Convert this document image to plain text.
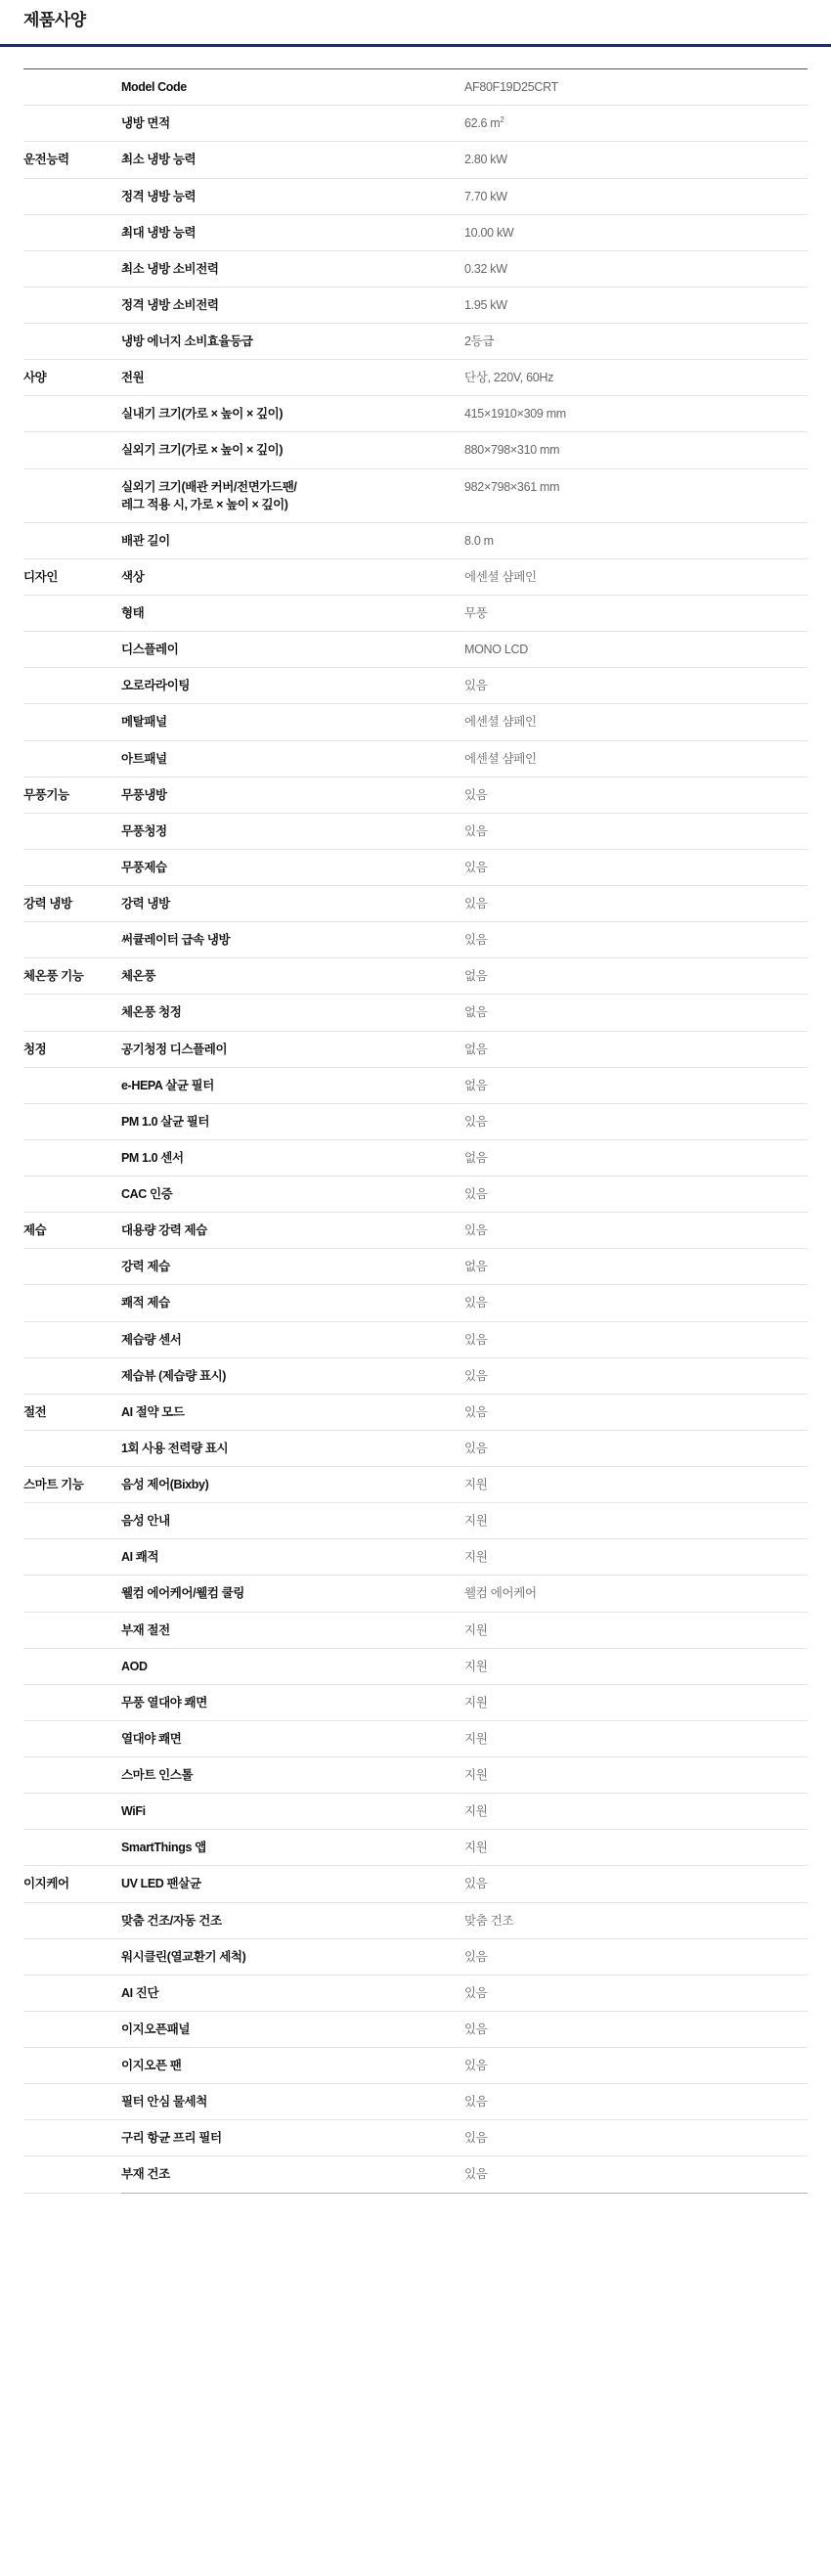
제품사양
	Model Code	AF80F19D25CRT
	냉방 면적	62.6 $m^2$
운전능력	최소 냉방 능력	2.80 kW
	정격 냉방 능력	7.70 kW
	최대 냉방 능력	10.00 kW
	최소 냉방 소비전력	0.32 kW
	정격 냉방 소비전력	1.95 kW
	냉방 에너지 소비효율등급	2등급
사양	전원	단상, 220V, 60Hz
	실내기 크기(가로 × 높이 × 깊이)	415×1910×309 mm
	실외기 크기(가로 × 높이 × 깊이)	880×798×310 mm
	실외기 크기(배관 커버/전면가드팬/
레그 적용 시, 가로 × 높이 × 깊이)	982×798×361 mm
	배관 길이	8.0 m
디자인	색상	에센셜 샴페인
	형태	무풍
	디스플레이	MONO LCD
	오로라라이팅	있음
	메탈패널	에센셜 샴페인
	아트패널	에센셜 샴페인
무풍기능	무풍냉방	있음
	무풍청정	있음
	무풍제습	있음
강력 냉방	강력 냉방	있음
	써큘레이터 급속 냉방	있음
체온풍 기능	체온풍	없음
	체온풍 청정	없음
청정	공기청정 디스플레이	없음
	e-HEPA 살균 필터	없음
	PM 1.0 살균 필터	있음
	PM 1.0 센서	없음
	CAC 인증	있음
제습	대용량 강력 제습	있음
	강력 제습	없음
	쾌적 제습	있음
	제습량 센서	있음
	제습뷰 (제습량 표시)	있음
절전	AI 절약 모드	있음
	1회 사용 전력량 표시	있음
스마트 기능	음성 제어(Bixby)	지원
	음성 안내	지원
	AI 쾌적	지원
	웰컴 에어케어/웰컴 쿨링	웰컴 에어케어
	부재 절전	지원
	AOD	지원
	무풍 열대야 쾌면	지원
	열대야 쾌면	지원
	스마트 인스톨	지원
	WiFi	지원
	SmartThings 앱	지원
이지케어	UV LED 팬살균	있음
	맞춤 건조/자동 건조	맞춤 건조
	워시클린(열교환기 세척)	있음
	AI 진단	있음
	이지오픈패널	있음
	이지오픈 팬	있음
	필터 안심 물세척	있음
	구리 항균 프리 필터	있음
	부재 건조	있음
